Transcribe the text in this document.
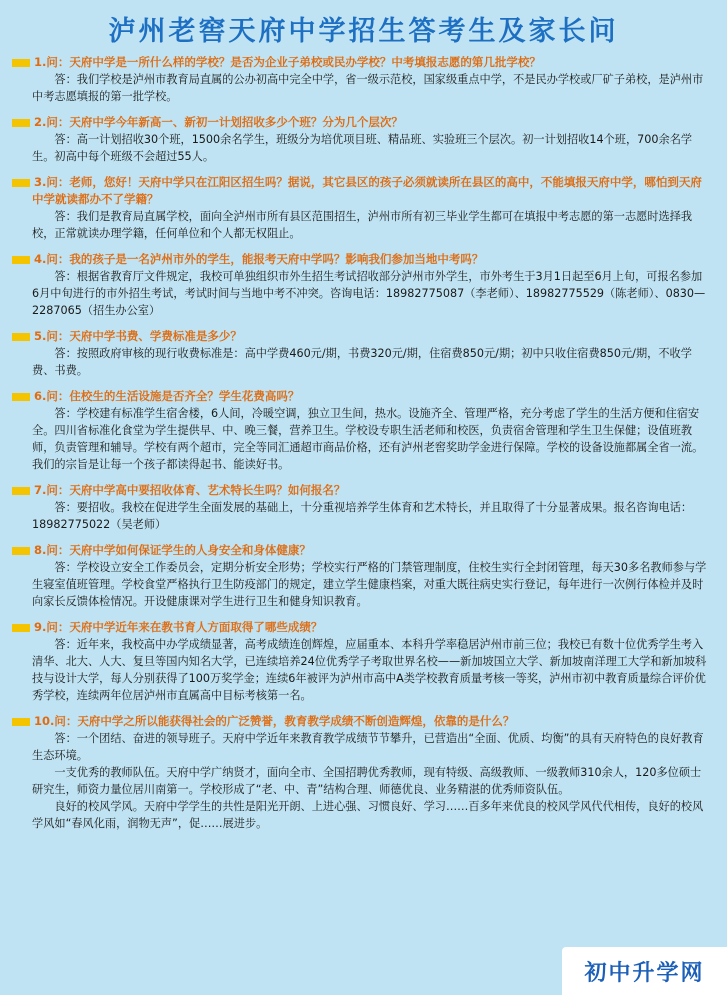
泸州老窖天府中学招生答考生及家长问
1.问：天府中学是一所什么样的学校？是否为企业子弟校或民办学校？中考填报志愿的第几批学校？

答：我们学校是泸州市教育局直属的公办初高中完全中学，省一级示范校，国家级重点中学，不是民办学校或厂矿子弟校，是泸州市中考志愿填报的第一批学校。

2.问：天府中学今年新高一、新初一计划招收多少个班？分为几个层次？

答：高一计划招收30个班，1500余名学生，班级分为培优项目班、精品班、实验班三个层次。初一计划招收14个班，700余名学生。初高中每个班级不会超过55人。

3.问：老师，您好！天府中学只在江阳区招生吗？据说，其它县区的孩子必须就读所在县区的高中，不能填报天府中学，哪怕到天府中学就读都办不了学籍？

答：我们是教育局直属学校，面向全泸州市所有县区范围招生，泸州市所有初三毕业学生都可在填报中考志愿的第一志愿时选择我校，正常就读办理学籍，任何单位和个人都无权阻止。

4.问：我的孩子是一名泸州市外的学生，能报考天府中学吗？影响我们参加当地中考吗？

答：根据省教育厅文件规定，我校可单独组织市外生招生考试招收部分泸州市外学生，市外考生于3月1日起至6月上旬，可报名参加6月中旬进行的市外招生考试，考试时间与当地中考不冲突。咨询电话：18982775087（李老师）、18982775529（陈老师）、0830—2287065（招生办公室）

5.问：天府中学书费、学费标准是多少？

答：按照政府审核的现行收费标准是：高中学费460元/期，书费320元/期，住宿费850元/期；初中只收住宿费850元/期，不收学费、书费。

6.问：住校生的生活设施是否齐全？学生花费高吗？

答：学校建有标准学生宿舍楼，6人间，冷暖空调，独立卫生间，热水。设施齐全、管理严格，充分考虑了学生的生活方便和住宿安全。四川省标准化食堂为学生提供早、中、晚三餐，营养卫生。学校设专职生活老师和校医，负责宿舍管理和学生卫生保健；设值班教师，负责管理和辅导。学校有两个超市，完全等同汇通超市商品价格，还有泸州老窖奖助学金进行保障。学校的设备设施都属全省一流。我们的宗旨是让每一个孩子都读得起书、能读好书。

7.问：天府中学高中要招收体育、艺术特长生吗？如何报名？

答：要招收。我校在促进学生全面发展的基础上，十分重视培养学生体育和艺术特长，并且取得了十分显著成果。报名咨询电话：18982775022（吴老师）

8.问：天府中学如何保证学生的人身安全和身体健康？

答：学校设立安全工作委员会，定期分析安全形势；学校实行严格的门禁管理制度，住校生实行全封闭管理，每天30多名教师参与学生寝室值班管理。学校食堂严格执行卫生防疫部门的规定，建立学生健康档案，对重大既往病史实行登记，每年进行一次例行体检并及时向家长反馈体检情况。开设健康课对学生进行卫生和健身知识教育。

9.问：天府中学近年来在教书育人方面取得了哪些成绩？

答：近年来，我校高中办学成绩显著，高考成绩连创辉煌，应届重本、本科升学率稳居泸州市前三位；我校已有数十位优秀学生考入清华、北大、人大、复旦等国内知名大学，已连续培养24位优秀学子考取世界名校——新加坡国立大学、新加坡南洋理工大学和新加坡科技与设计大学，每人分别获得了100万奖学金；连续6年被评为泸州市高中A类学校教育质量考核一等奖，泸州市初中教育质量综合评价优秀学校，连续两年位居泸州市直属高中目标考核第一名。

10.问：天府中学之所以能获得社会的广泛赞誉，教育教学成绩不断创造辉煌，依靠的是什么？

答：一个团结、奋进的领导班子。天府中学近年来教育教学成绩节节攀升，已营造出“全面、优质、均衡”的具有天府特色的良好教育生态环境。

一支优秀的教师队伍。天府中学广纳贤才，面向全市、全国招聘优秀教师，现有特级、高级教师、一级教师310余人，120多位硕士研究生，师资力量位居川南第一。学校形成了“老、中、青”结构合理、师德优良、业务精湛的优秀师资队伍。

良好的校风学风。天府中学学生的共性是阳光开朗、上进心强、习惯良好、学习……百多年来优良的校风学风代代相传，良好的校风学风如“春风化雨，润物无声”，促……展进步。

初中升学网
